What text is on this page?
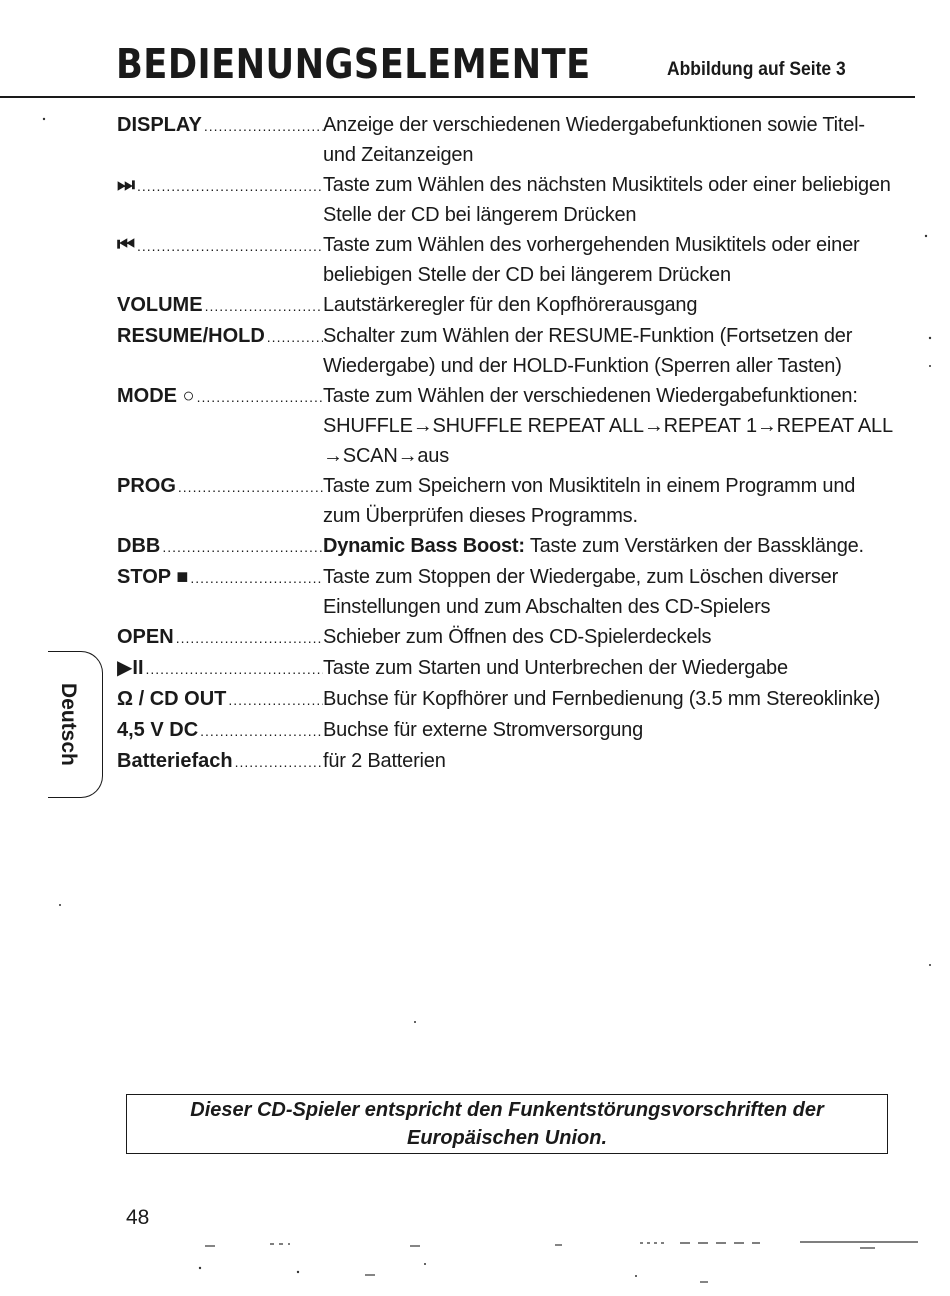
BEDIENUNGSELEMENTE	Abbildung auf Seite 3
DISPLAY .....	Anzeige der verschiedenen Wiedergabefunktionen sowie Titel- und Zeitanzeigen
⏭ .....	Taste zum Wählen des nächsten Musiktitels oder einer beliebigen Stelle der CD bei längerem Drücken
⏮ .....	Taste zum Wählen des vorhergehenden Musiktitels oder einer beliebigen Stelle der CD bei längerem Drücken
VOLUME .....	Lautstärkeregler für den Kopfhörerausgang
RESUME/HOLD .....	Schalter zum Wählen der RESUME-Funktion (Fortsetzen der Wiedergabe) und der HOLD-Funktion (Sperren aller Tasten)
MODE ○ .....	Taste zum Wählen der verschiedenen Wiedergabefunktionen: SHUFFLE→SHUFFLE REPEAT ALL→REPEAT 1→REPEAT ALL →SCAN→aus
PROG .....	Taste zum Speichern von Musiktiteln in einem Programm und zum Überprüfen dieses Programms.
DBB .....	Dynamic Bass Boost: Taste zum Verstärken der Bassklänge.
STOP ■ .....	Taste zum Stoppen der Wiedergabe, zum Löschen diverser Einstellungen und zum Abschalten des CD-Spielers
OPEN .....	Schieber zum Öffnen des CD-Spielerdeckels
▶II .....	Taste zum Starten und Unterbrechen der Wiedergabe
Ω / CD OUT .....	Buchse für Kopfhörer und Fernbedienung (3.5 mm Stereoklinke)
4,5 V DC .....	Buchse für externe Stromversorgung
Batteriefach .....	für 2 Batterien
Deutsch
Dieser CD-Spieler entspricht den Funkentstörungsvorschriften der Europäischen Union.
48
